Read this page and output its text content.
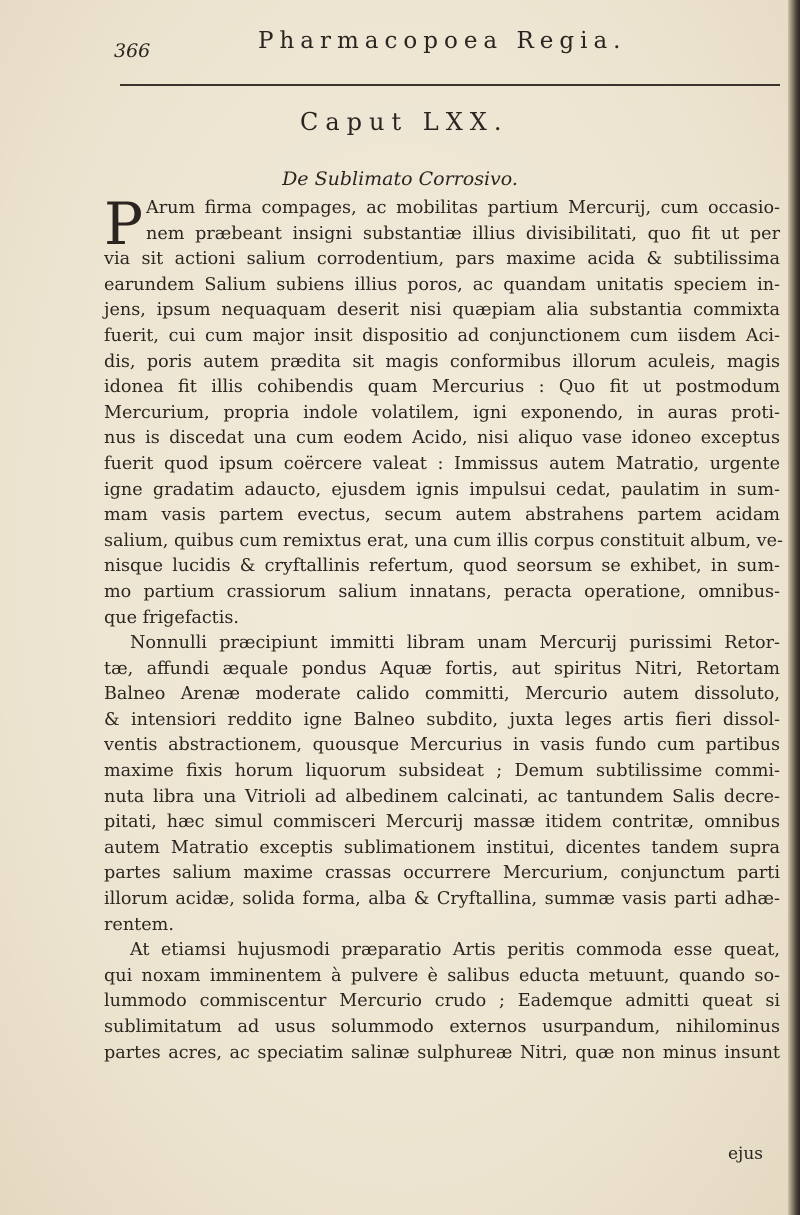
366	Pharmacopoea Regia.
Caput LXX.
De Sublimato Corrosivo.
P Arum firma compages, ac mobilitas partium Mercurij, cum occasio-
nem præbeant insigni substantiæ illius divisibilitati, quo fit ut per
via sit actioni salium corrodentium, pars maxime acida & subtilissima
earundem Salium subiens illius poros, ac quandam unitatis speciem in-
jens, ipsum nequaquam deserit nisi quæpiam alia substantia commixta
fuerit, cui cum major insit dispositio ad conjunctionem cum iisdem Aci-
dis, poris autem prædita sit magis conformibus illorum aculeis, magis
idonea fit illis cohibendis quam Mercurius : Quo fit ut postmodum
Mercurium, propria indole volatilem, igni exponendo, in auras proti-
nus is discedat una cum eodem Acido, nisi aliquo vase idoneo exceptus
fuerit quod ipsum coërcere valeat : Immissus autem Matratio, urgente
igne gradatim adaucto, ejusdem ignis impulsui cedat, paulatim in sum-
mam vasis partem evectus, secum autem abstrahens partem acidam
salium, quibus cum remixtus erat, una cum illis corpus constituit album, ve-
nisque lucidis & cryftallinis refertum, quod seorsum se exhibet, in sum-
mo partium crassiorum salium innatans, peracta operatione, omnibus-
que frigefactis.
Nonnulli præcipiunt immitti libram unam Mercurij purissimi Retor-
tæ, affundi æquale pondus Aquæ fortis, aut spiritus Nitri, Retortam
Balneo Arenæ moderate calido committi, Mercurio autem dissoluto,
& intensiori reddito igne Balneo subdito, juxta leges artis fieri dissol-
ventis abstractionem, quousque Mercurius in vasis fundo cum partibus
maxime fixis horum liquorum subsideat ; Demum subtilissime commi-
nuta libra una Vitrioli ad albedinem calcinati, ac tantundem Salis decre-
pitati, hæc simul commisceri Mercurij massæ itidem contritæ, omnibus
autem Matratio exceptis sublimationem institui, dicentes tandem supra
partes salium maxime crassas occurrere Mercurium, conjunctum parti
illorum acidæ, solida forma, alba & Cryftallina, summæ vasis parti adhæ-
rentem.
At etiamsi hujusmodi præparatio Artis peritis commoda esse queat,
qui noxam imminentem à pulvere è salibus educta metuunt, quando so-
lummodo commiscentur Mercurio crudo ; Eademque admitti queat si
sublimitatum ad usus solummodo externos usurpandum, nihilominus
partes acres, ac speciatim salinæ sulphureæ Nitri, quæ non minus insunt
ejus
